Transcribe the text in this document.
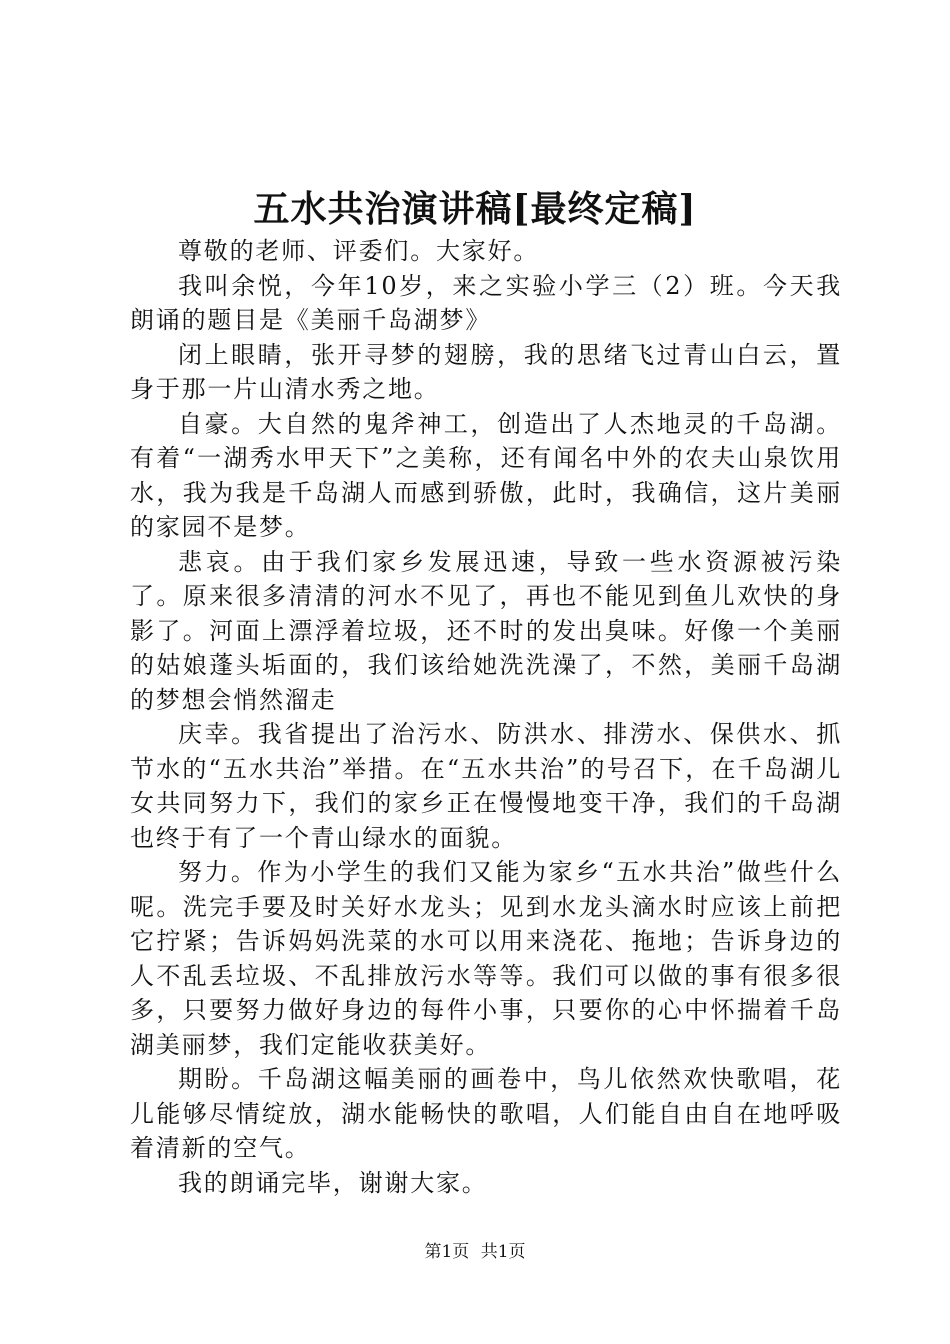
五水共治演讲稿[最终定稿]

尊敬的老师、评委们。大家好。

我叫余悦，今年10岁，来之实验小学三（2）班。今天我朗诵的题目是《美丽千岛湖梦》

闭上眼睛，张开寻梦的翅膀，我的思绪飞过青山白云，置身于那一片山清水秀之地。

自豪。大自然的鬼斧神工，创造出了人杰地灵的千岛湖。有着“一湖秀水甲天下”之美称，还有闻名中外的农夫山泉饮用水，我为我是千岛湖人而感到骄傲，此时，我确信，这片美丽的家园不是梦。

悲哀。由于我们家乡发展迅速，导致一些水资源被污染了。原来很多清清的河水不见了，再也不能见到鱼儿欢快的身影了。河面上漂浮着垃圾，还不时的发出臭味。好像一个美丽的姑娘蓬头垢面的，我们该给她洗洗澡了，不然，美丽千岛湖的梦想会悄然溜走

庆幸。我省提出了治污水、防洪水、排涝水、保供水、抓节水的“五水共治”举措。在“五水共治”的号召下，在千岛湖儿女共同努力下，我们的家乡正在慢慢地变干净，我们的千岛湖也终于有了一个青山绿水的面貌。

努力。作为小学生的我们又能为家乡“五水共治”做些什么呢。洗完手要及时关好水龙头；见到水龙头滴水时应该上前把它拧紧；告诉妈妈洗菜的水可以用来浇花、拖地；告诉身边的人不乱丢垃圾、不乱排放污水等等。我们可以做的事有很多很多，只要努力做好身边的每件小事，只要你的心中怀揣着千岛湖美丽梦，我们定能收获美好。

期盼。千岛湖这幅美丽的画卷中，鸟儿依然欢快歌唱，花儿能够尽情绽放，湖水能畅快的歌唱，人们能自由自在地呼吸着清新的空气。

我的朗诵完毕，谢谢大家。

第1页 共1页
